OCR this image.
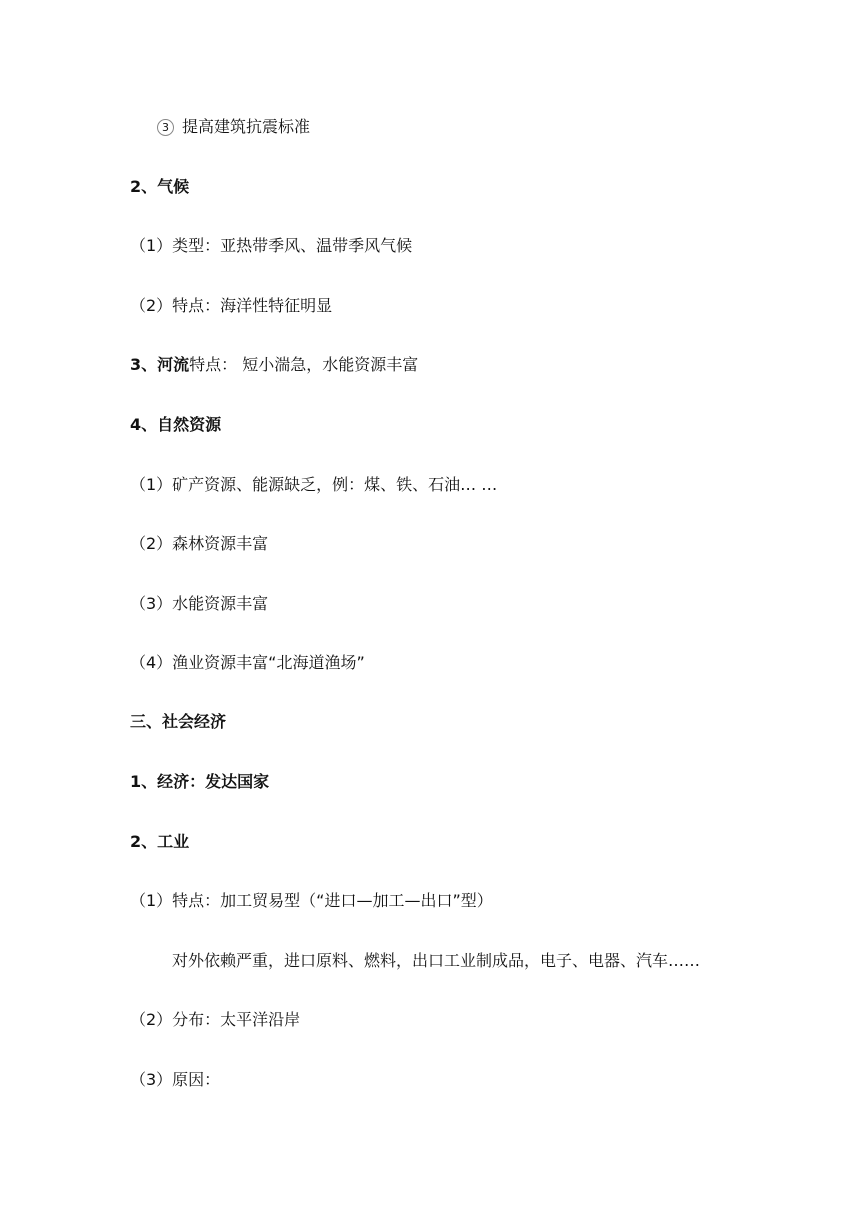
3 提高建筑抗震标准
2、气候
（1）类型：亚热带季风、温带季风气候
（2）特点：海洋性特征明显
3、河流特点： 短小湍急，水能资源丰富
4、自然资源
（1）矿产资源、能源缺乏，例：煤、铁、石油… …
（2）森林资源丰富
（3）水能资源丰富
（4）渔业资源丰富“北海道渔场”
三、社会经济
1、经济：发达国家
2、工业
（1）特点：加工贸易型（“进口—加工—出口”型）
对外依赖严重，进口原料、燃料，出口工业制成品，电子、电器、汽车……
（2）分布：太平洋沿岸
（3）原因：
